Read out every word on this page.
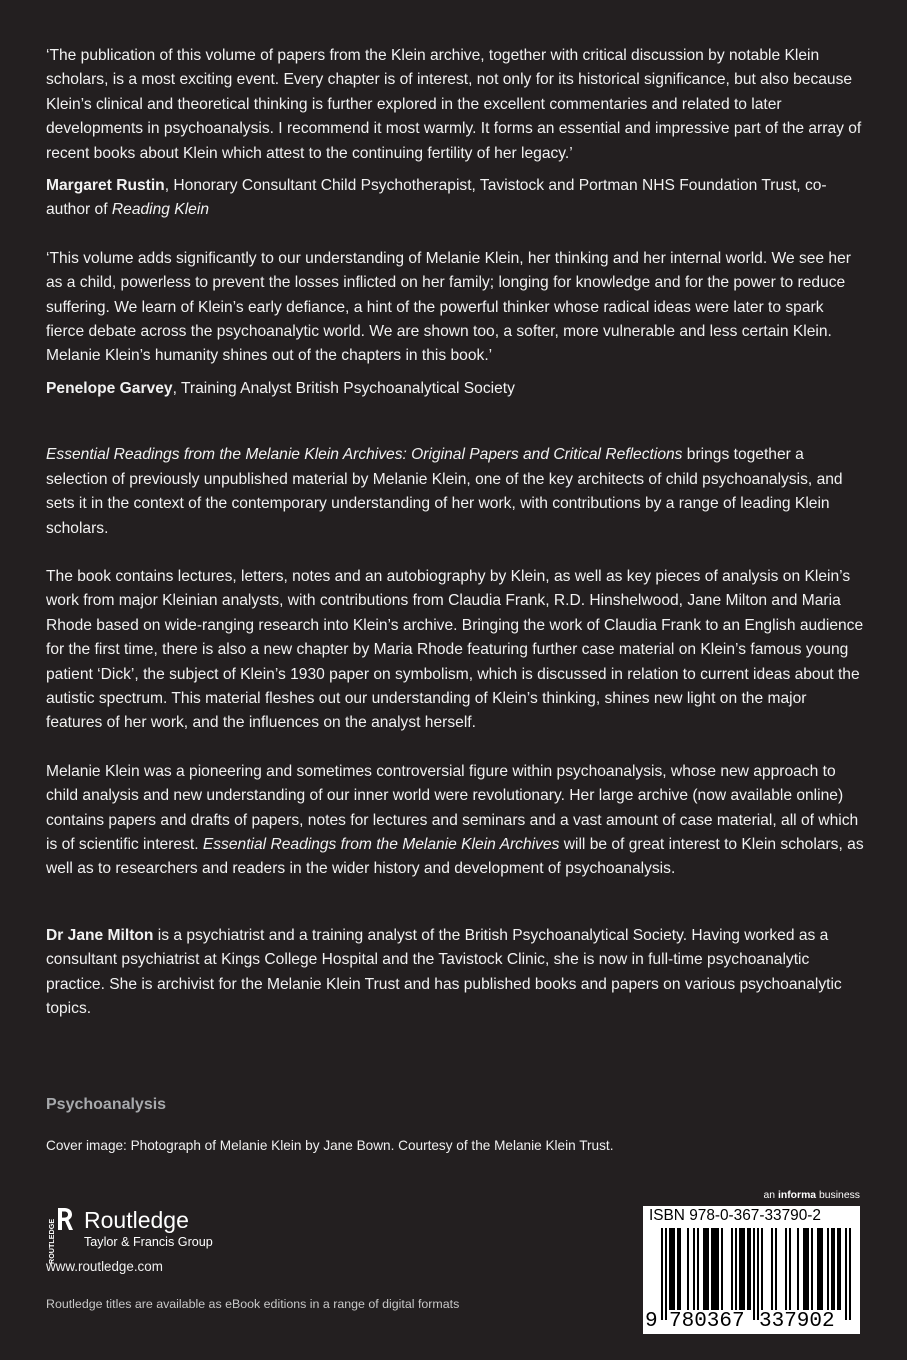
‘The publication of this volume of papers from the Klein archive, together with critical discussion by notable Klein scholars, is a most exciting event. Every chapter is of interest, not only for its historical significance, but also because Klein’s clinical and theoretical thinking is further explored in the excellent commentaries and related to later developments in psychoanalysis. I recommend it most warmly. It forms an essential and impressive part of the array of recent books about Klein which attest to the continuing fertility of her legacy.’

Margaret Rustin, Honorary Consultant Child Psychotherapist, Tavistock and Portman NHS Foundation Trust, co-author of Reading Klein

‘This volume adds significantly to our understanding of Melanie Klein, her thinking and her internal world. We see her as a child, powerless to prevent the losses inflicted on her family; longing for knowledge and for the power to reduce suffering. We learn of Klein’s early defiance, a hint of the powerful thinker whose radical ideas were later to spark fierce debate across the psychoanalytic world. We are shown too, a softer, more vulnerable and less certain Klein. Melanie Klein’s humanity shines out of the chapters in this book.’

Penelope Garvey, Training Analyst British Psychoanalytical Society

Essential Readings from the Melanie Klein Archives: Original Papers and Critical Reflections brings together a selection of previously unpublished material by Melanie Klein, one of the key architects of child psychoanalysis, and sets it in the context of the contemporary understanding of her work, with contributions by a range of leading Klein scholars.

The book contains lectures, letters, notes and an autobiography by Klein, as well as key pieces of analysis on Klein’s work from major Kleinian analysts, with contributions from Claudia Frank, R.D. Hinshelwood, Jane Milton and Maria Rhode based on wide-ranging research into Klein’s archive. Bringing the work of Claudia Frank to an English audience for the first time, there is also a new chapter by Maria Rhode featuring further case material on Klein’s famous young patient ‘Dick’, the subject of Klein’s 1930 paper on symbolism, which is discussed in relation to current ideas about the autistic spectrum. This material fleshes out our understanding of Klein’s thinking, shines new light on the major features of her work, and the influences on the analyst herself.

Melanie Klein was a pioneering and sometimes controversial figure within psychoanalysis, whose new approach to child analysis and new understanding of our inner world were revolutionary. Her large archive (now available online) contains papers and drafts of papers, notes for lectures and seminars and a vast amount of case material, all of which is of scientific interest. Essential Readings from the Melanie Klein Archives will be of great interest to Klein scholars, as well as to researchers and readers in the wider history and development of psychoanalysis.

Dr Jane Milton is a psychiatrist and a training analyst of the British Psychoanalytical Society. Having worked as a consultant psychiatrist at Kings College Hospital and the Tavistock Clinic, she is now in full-time psychoanalytic practice. She is archivist for the Melanie Klein Trust and has published books and papers on various psychoanalytic topics.

Psychoanalysis
Cover image: Photograph of Melanie Klein by Jane Bown. Courtesy of the Melanie Klein Trust.
ROUTLEDGE Routledge
Taylor & Francis Group
www.routledge.com
Routledge titles are available as eBook editions in a range of digital formats
an informa business
ISBN 978-0-367-33790-2
9 780367 337902
